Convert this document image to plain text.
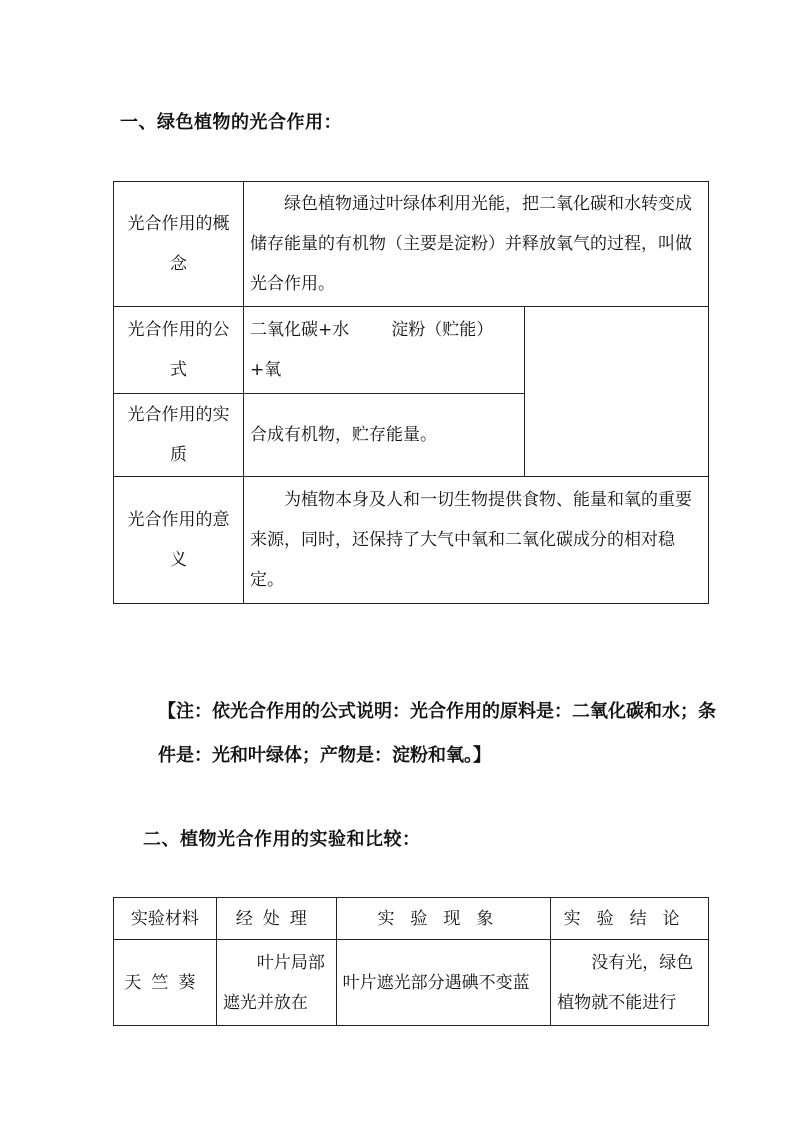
一、绿色植物的光合作用：
光合作用的概念	绿色植物通过叶绿体利用光能，把二氧化碳和水转变成储存能量的有机物（主要是淀粉）并释放氧气的过程，叫做光合作用。	

光合作用的公式	二氧化碳+水 淀粉（贮能）
+氧	

光合作用的实质	合成有机物，贮存能量。	

光合作用的意义	为植物本身及人和一切生物提供食物、能量和氧的重要来源，同时，还保持了大气中氧和二氧化碳成分的相对稳定。	
【注：依光合作用的公式说明：光合作用的原料是：二氧化碳和水；条件是：光和叶绿体；产物是：淀粉和氧。】
二、植物光合作用的实验和比较：
实验材料	经处理	实验现象	实验结论
天竺葵	叶片局部遮光并放在	叶片遮光部分遇碘不变蓝	没有光，绿色植物就不能进行
